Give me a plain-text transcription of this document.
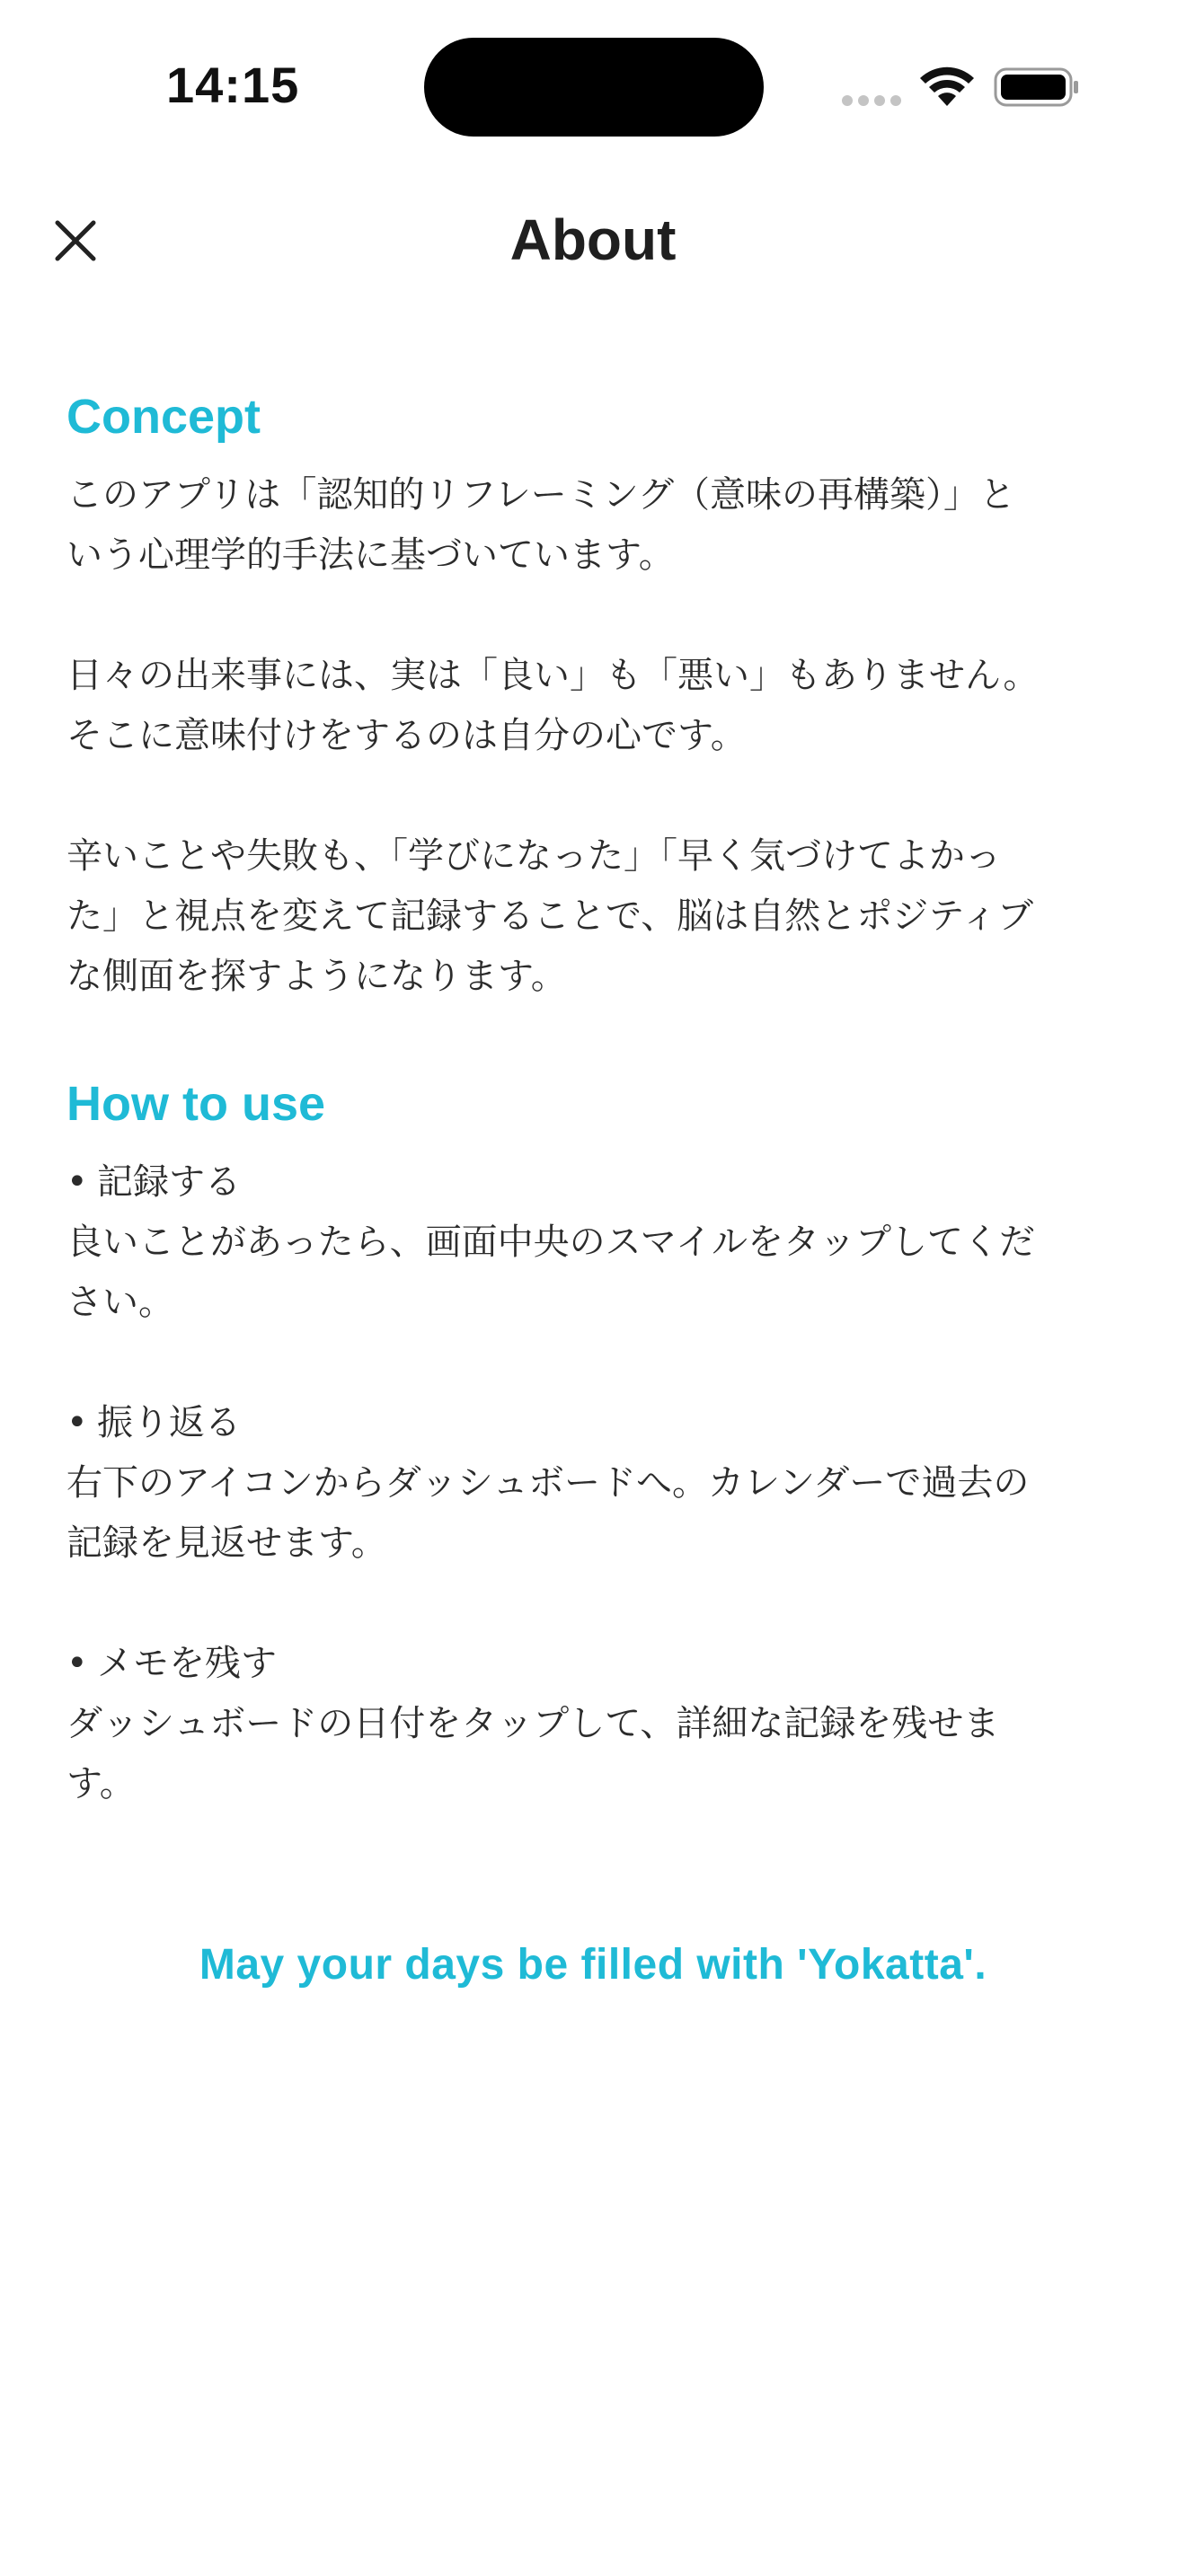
14:15
About
Concept

このアプリは「認知的リフレーミング（意味の再構築）」と
いう心理学的手法に基づいています。

日々の出来事には、実は「良い」も「悪い」もありません。
そこに意味付けをするのは自分の心です。

辛いことや失敗も、「学びになった」「早く気づけてよかっ
た」と視点を変えて記録することで、脳は自然とポジティブ
な側面を探すようになります。

How to use

• 記録する

良いことがあったら、画面中央のスマイルをタップしてくだ
さい。

• 振り返る

右下のアイコンからダッシュボードへ。カレンダーで過去の
記録を見返せます。

• メモを残す

ダッシュボードの日付をタップして、詳細な記録を残せま
す。

May your days be filled with 'Yokatta'.
